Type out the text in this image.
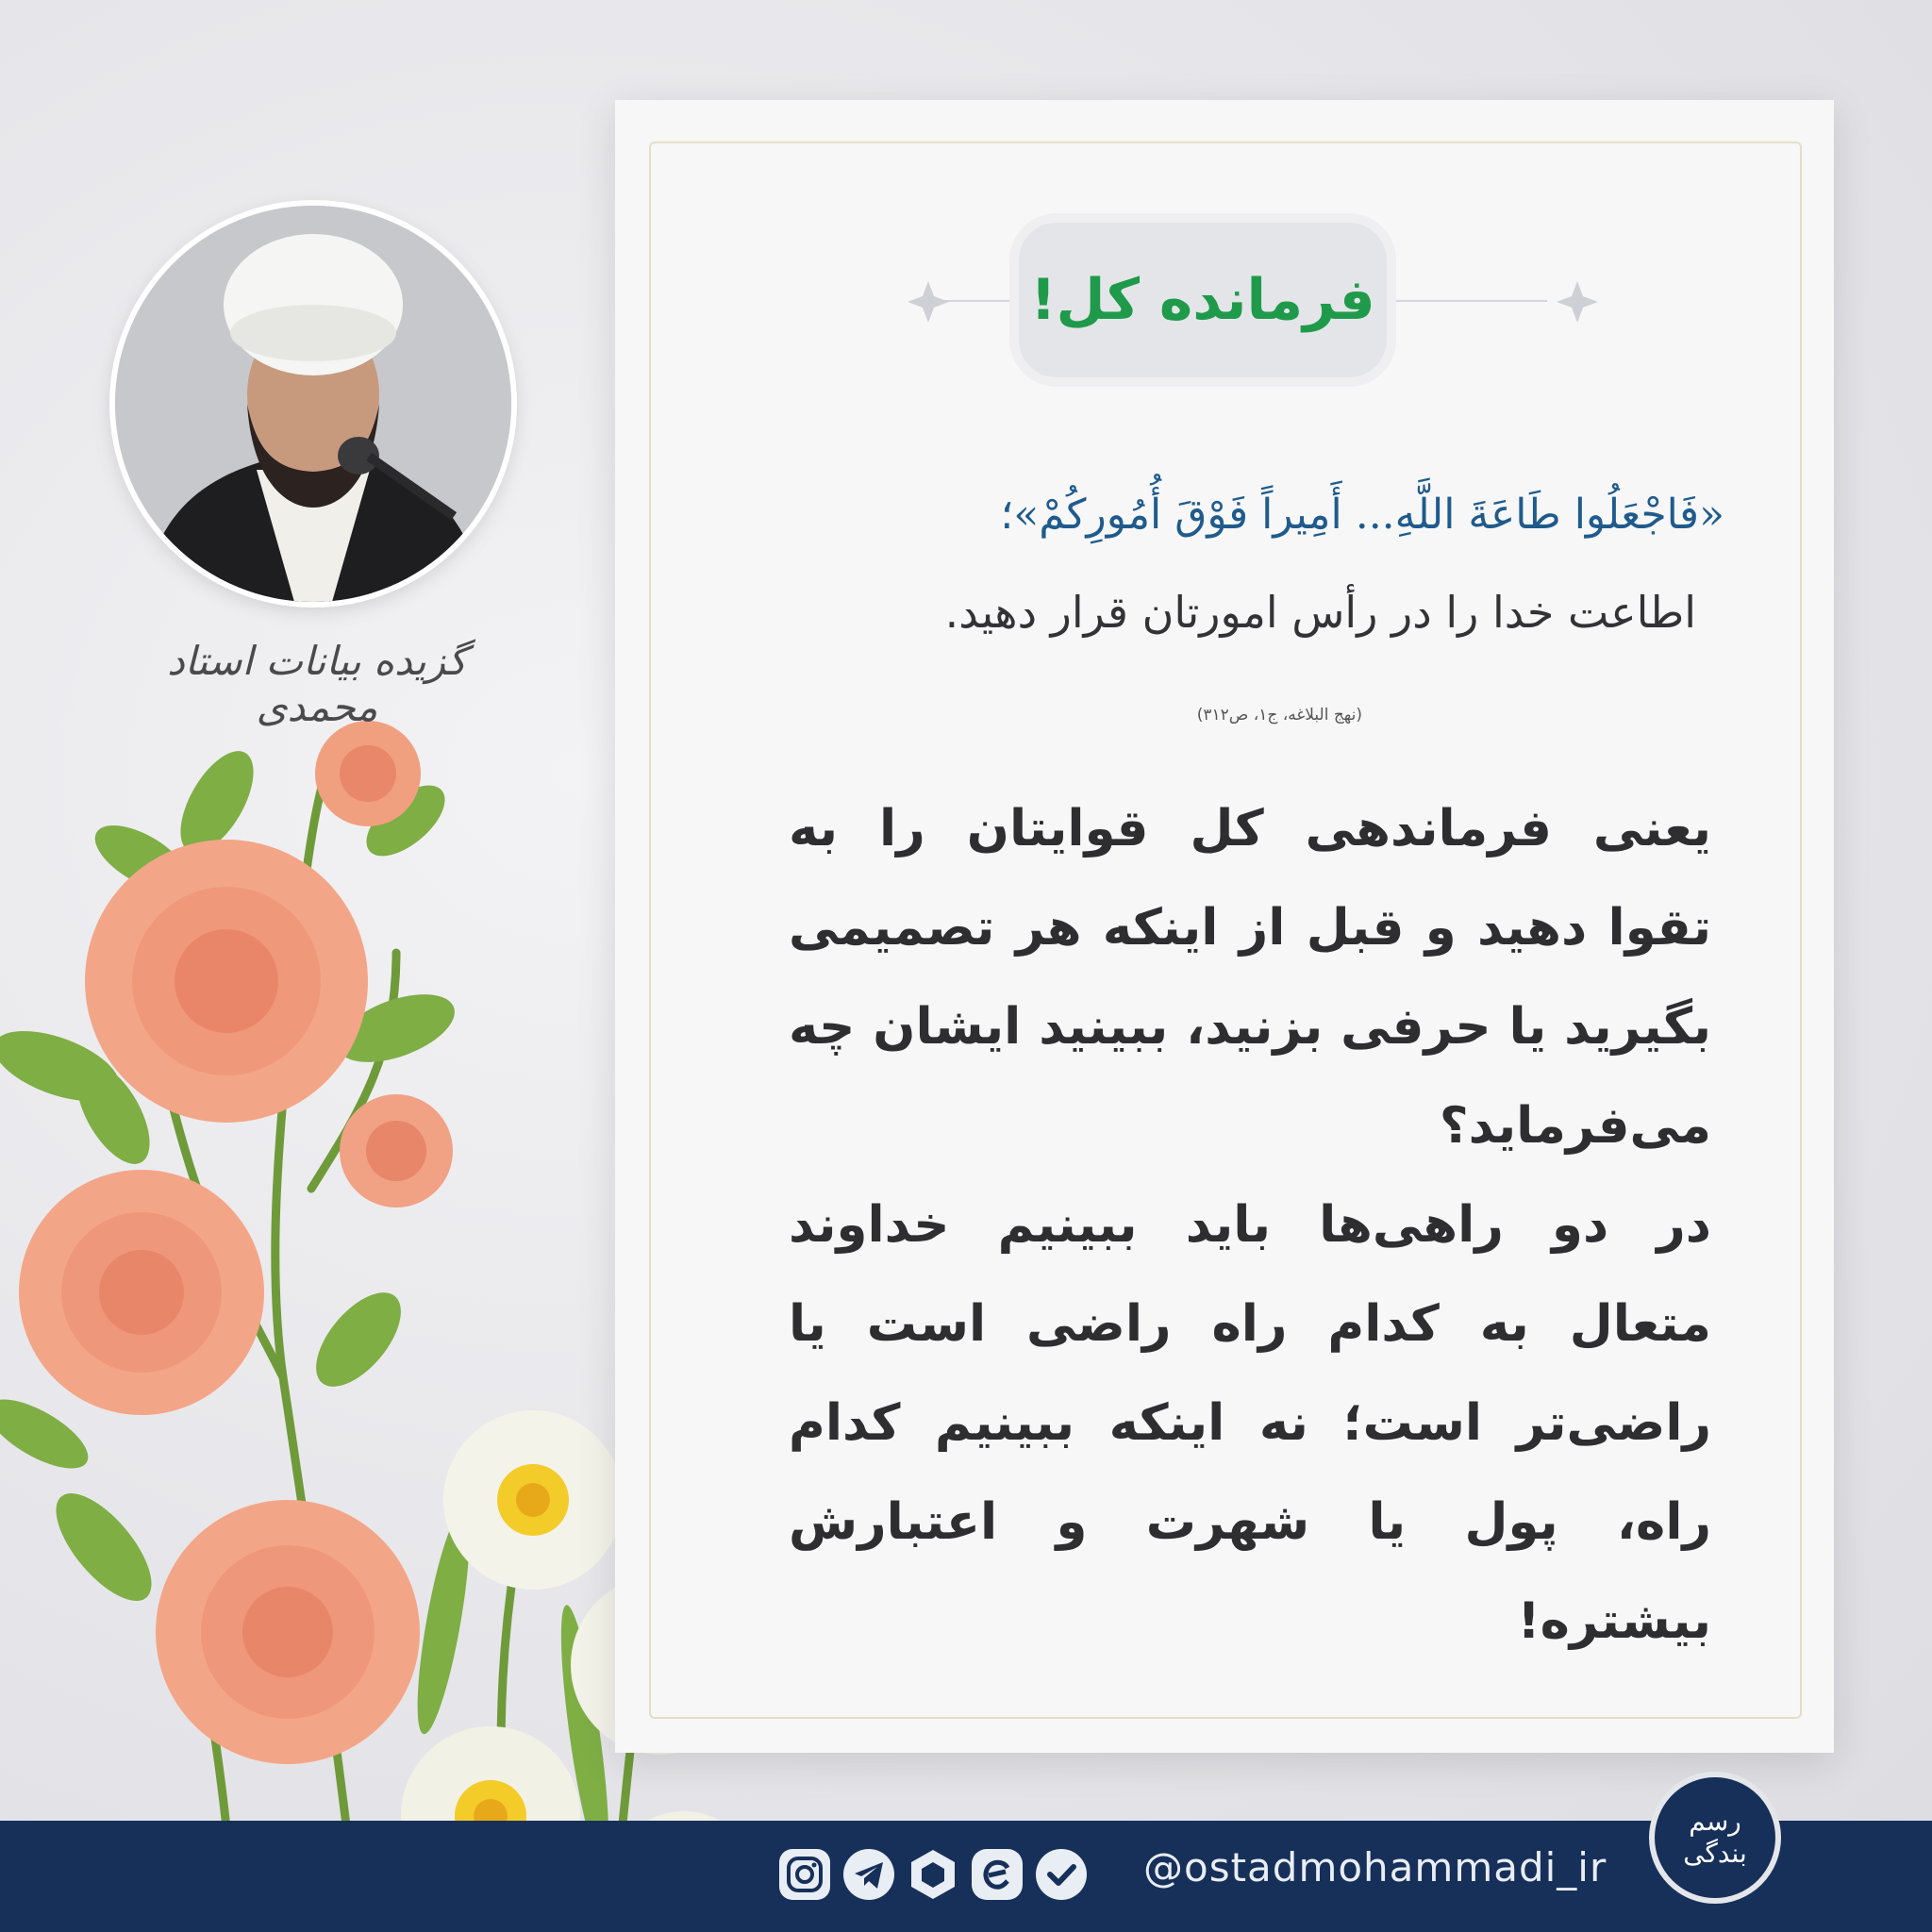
گزیده بیانات استاد محمدی
فرمانده کل!
«فَاجْعَلُوا طَاعَةَ اللَّهِ... أَمِيراً فَوْقَ أُمُورِكُمْ»؛
اطاعت خدا را در رأس امورتان قرار دهید.
(نهج البلاغه، ج۱، ص۳۱۲)

یعنی فرماندهی کل قوایتان را به تقوا دهید و قبل از اینکه هر تصمیمی بگیرید یا حرفی بزنید، ببینید ایشان چه می‌فرماید؟

در دو راهی‌ها باید ببینیم خداوند متعال به کدام راه راضی است یا راضی‌تر است؛ نه اینکه ببینیم کدام راه، پول یا شهرت و اعتبارش بیشتره!

@ostadmohammadi_ir
رسم بندگی
